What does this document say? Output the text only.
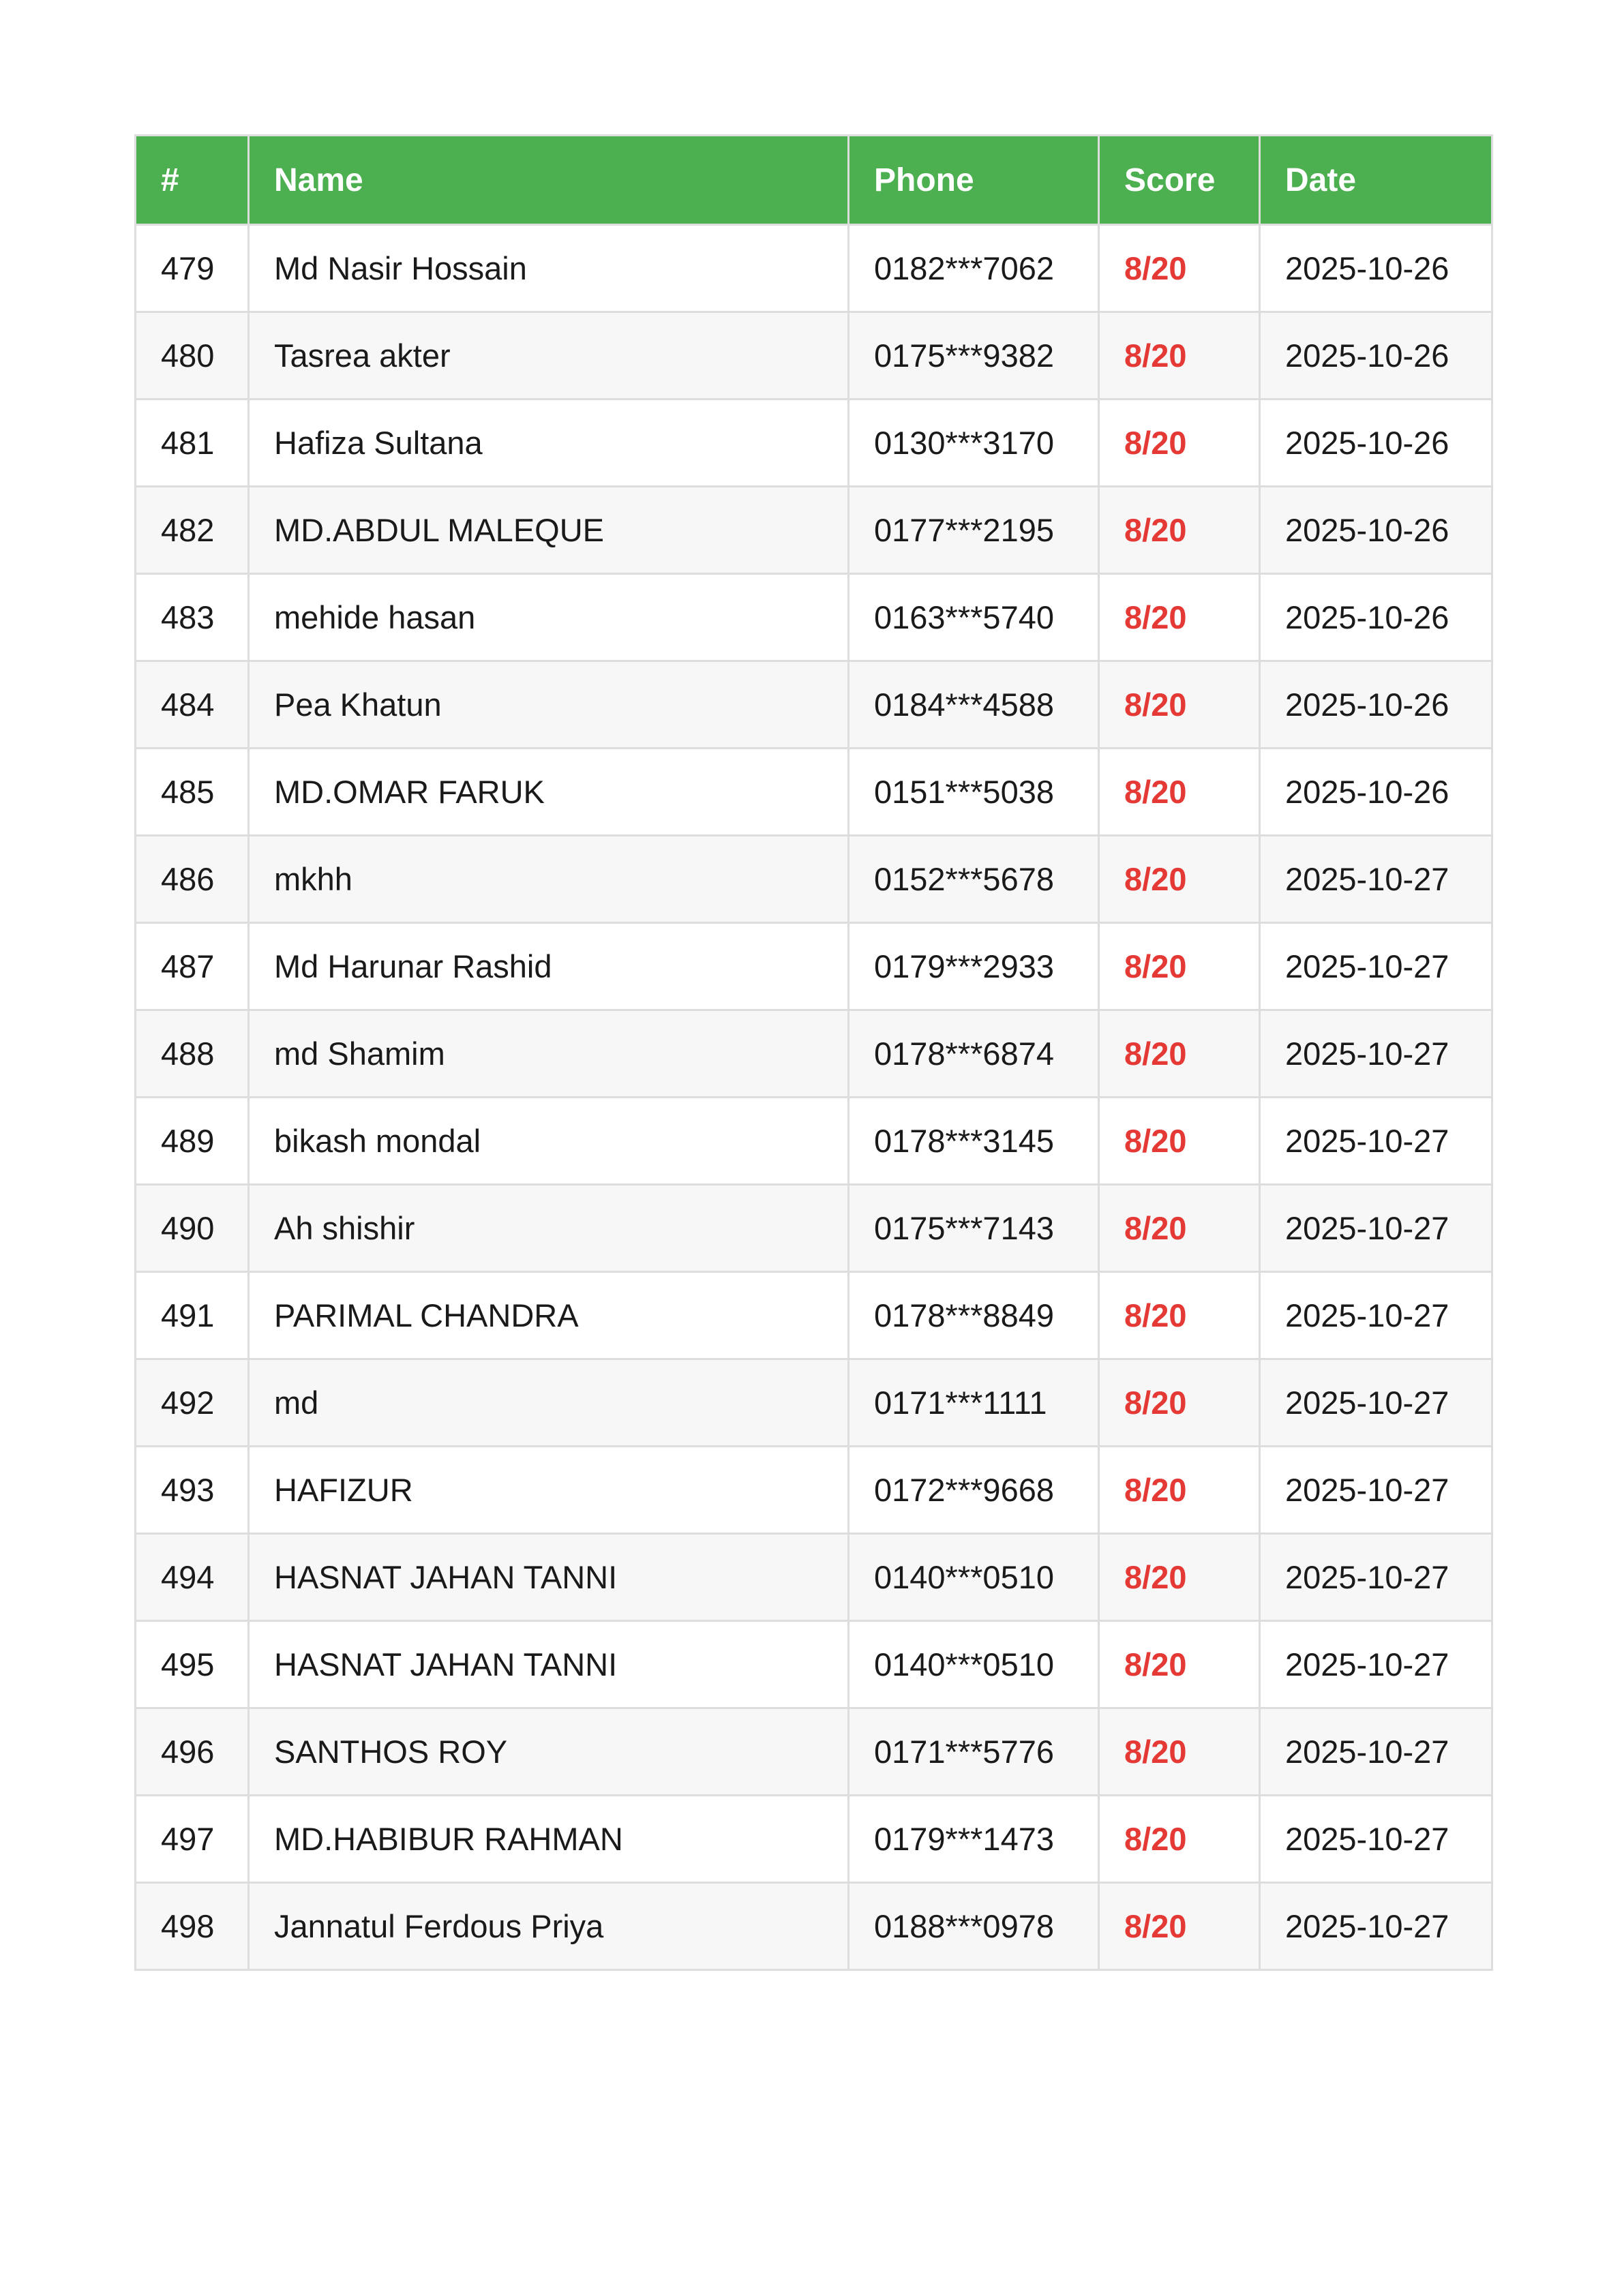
#	Name	Phone	Score	Date
479	Md Nasir Hossain	0182***7062	8/20	2025-10-26
480	Tasrea akter	0175***9382	8/20	2025-10-26
481	Hafiza Sultana	0130***3170	8/20	2025-10-26
482	MD.ABDUL MALEQUE	0177***2195	8/20	2025-10-26
483	mehide hasan	0163***5740	8/20	2025-10-26
484	Pea Khatun	0184***4588	8/20	2025-10-26
485	MD.OMAR FARUK	0151***5038	8/20	2025-10-26
486	mkhh	0152***5678	8/20	2025-10-27
487	Md Harunar Rashid	0179***2933	8/20	2025-10-27
488	md Shamim	0178***6874	8/20	2025-10-27
489	bikash mondal	0178***3145	8/20	2025-10-27
490	Ah shishir	0175***7143	8/20	2025-10-27
491	PARIMAL CHANDRA	0178***8849	8/20	2025-10-27
492	md	0171***1111	8/20	2025-10-27
493	HAFIZUR	0172***9668	8/20	2025-10-27
494	HASNAT JAHAN TANNI	0140***0510	8/20	2025-10-27
495	HASNAT JAHAN TANNI	0140***0510	8/20	2025-10-27
496	SANTHOS ROY	0171***5776	8/20	2025-10-27
497	MD.HABIBUR RAHMAN	0179***1473	8/20	2025-10-27
498	Jannatul Ferdous Priya	0188***0978	8/20	2025-10-27
